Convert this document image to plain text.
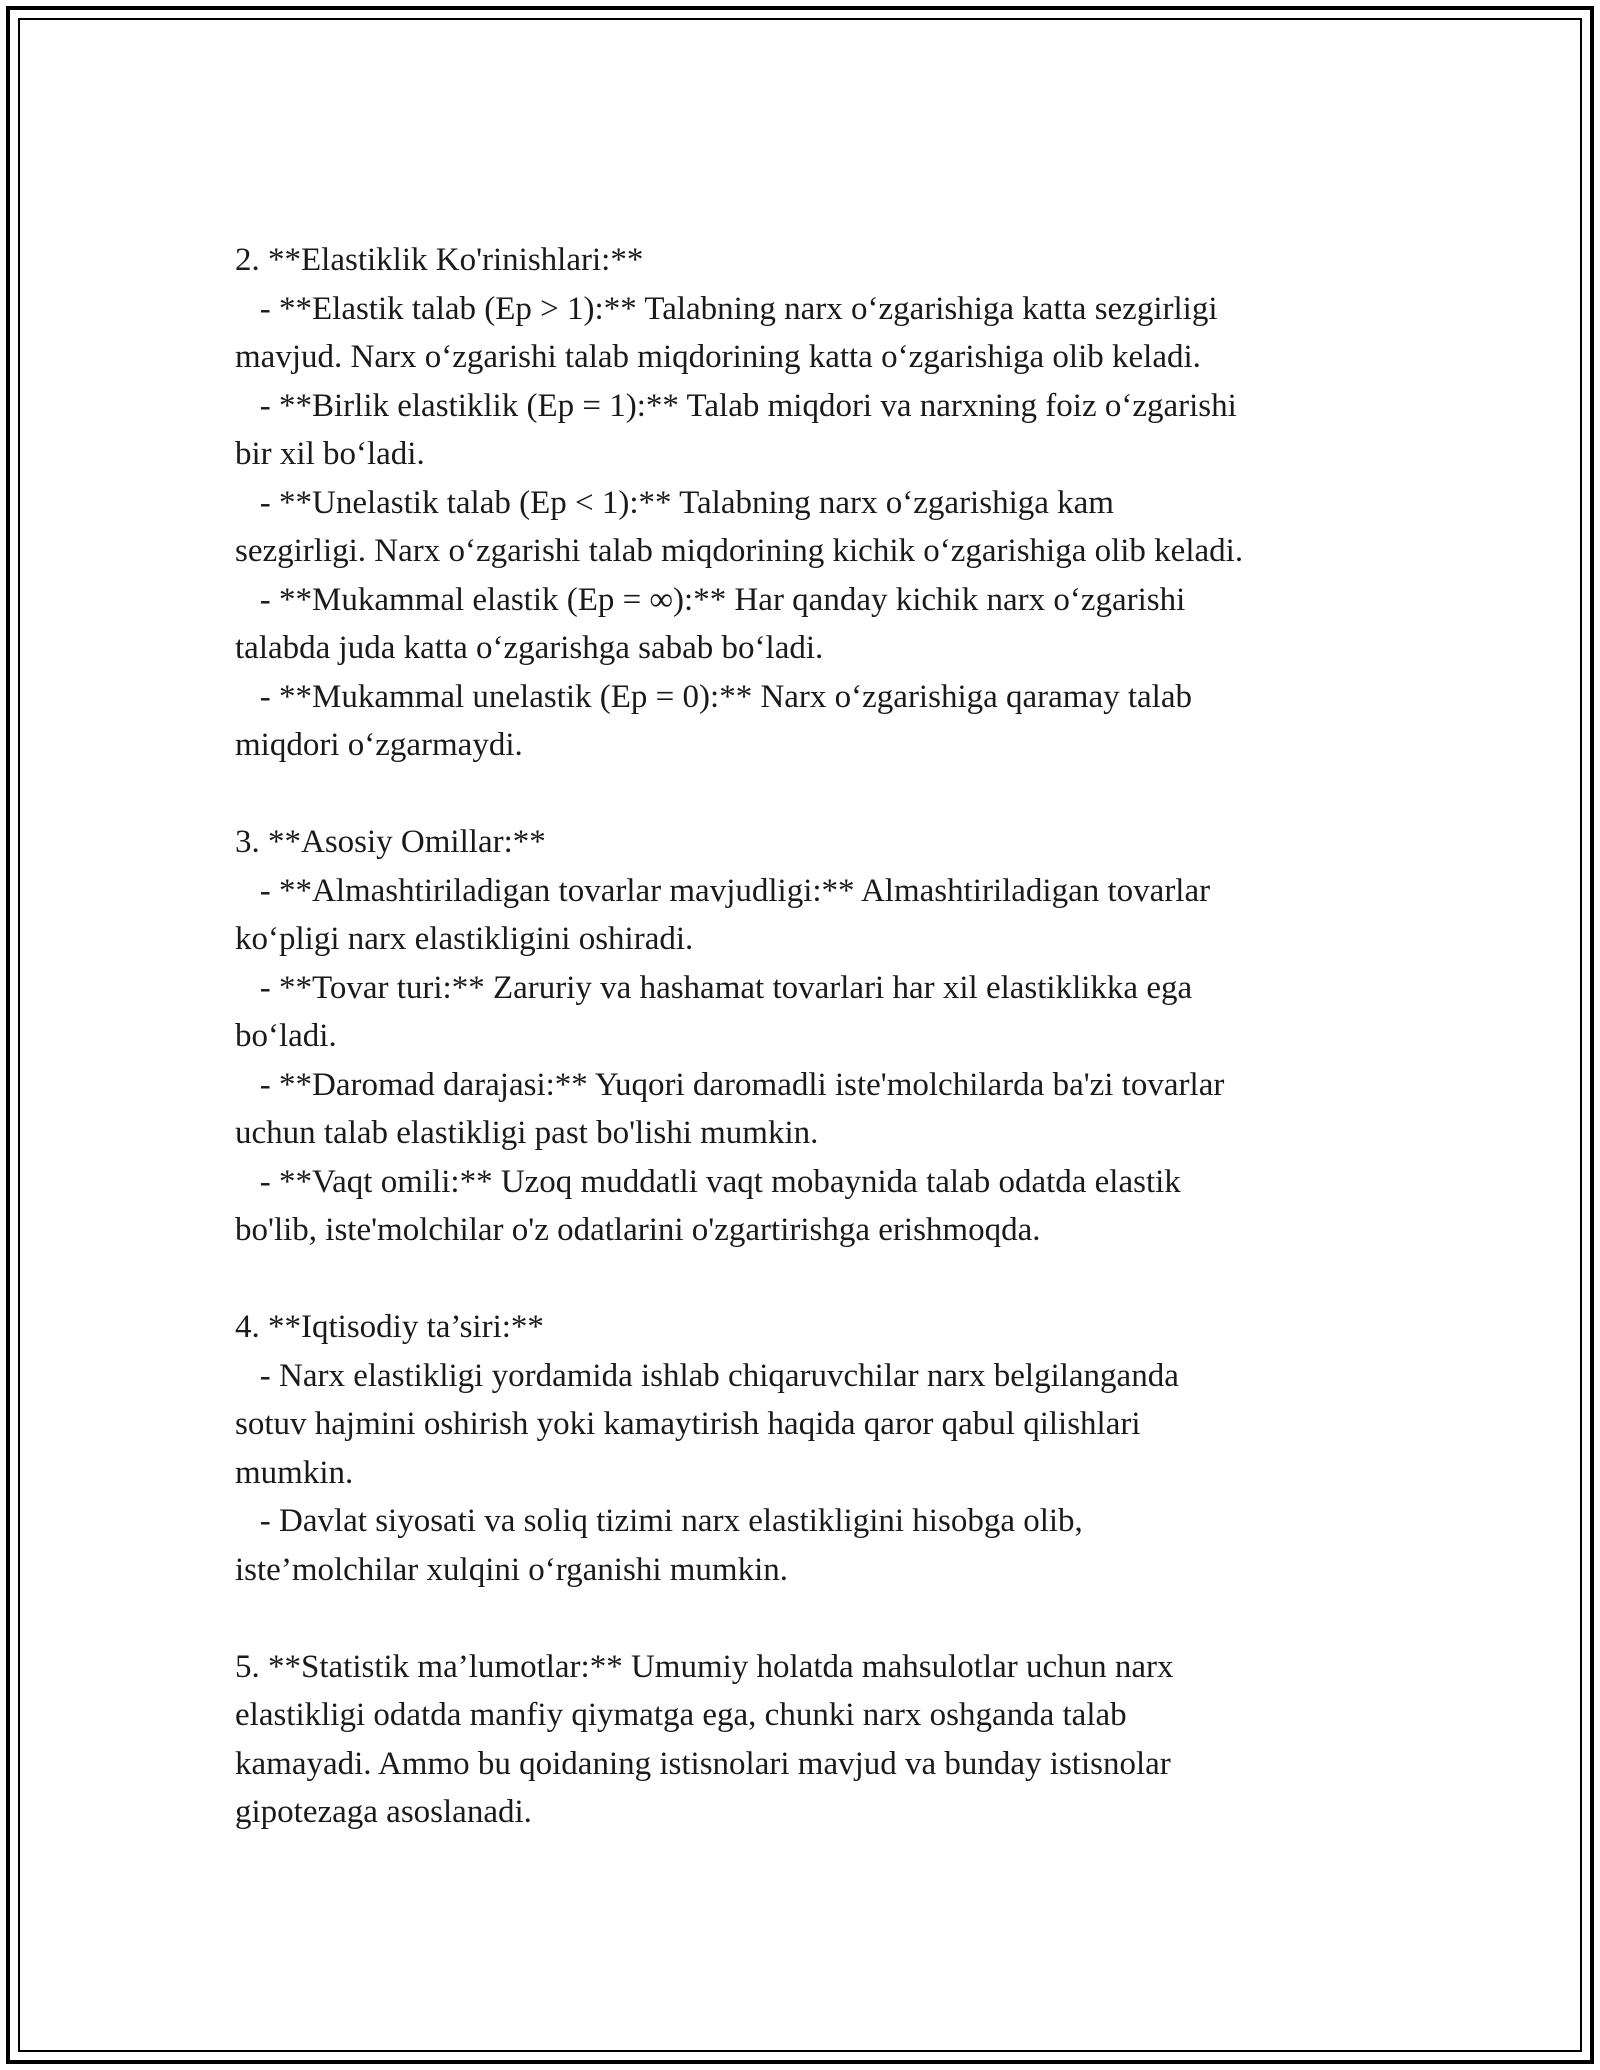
2. **Elastiklik Ko'rinishlari:**
- **Elastik talab (Ep > 1):** Talabning narx o‘zgarishiga katta sezgirligi
mavjud. Narx o‘zgarishi talab miqdorining katta o‘zgarishiga olib keladi.
- **Birlik elastiklik (Ep = 1):** Talab miqdori va narxning foiz o‘zgarishi
bir xil bo‘ladi.
- **Unelastik talab (Ep < 1):** Talabning narx o‘zgarishiga kam
sezgirligi. Narx o‘zgarishi talab miqdorining kichik o‘zgarishiga olib keladi.
- **Mukammal elastik (Ep = ∞):** Har qanday kichik narx o‘zgarishi
talabda juda katta o‘zgarishga sabab bo‘ladi.
- **Mukammal unelastik (Ep = 0):** Narx o‘zgarishiga qaramay talab
miqdori o‘zgarmaydi.
3. **Asosiy Omillar:**
- **Almashtiriladigan tovarlar mavjudligi:** Almashtiriladigan tovarlar
ko‘pligi narx elastikligini oshiradi.
- **Tovar turi:** Zaruriy va hashamat tovarlari har xil elastiklikka ega
bo‘ladi.
- **Daromad darajasi:** Yuqori daromadli iste'molchilarda ba'zi tovarlar
uchun talab elastikligi past bo'lishi mumkin.
- **Vaqt omili:** Uzoq muddatli vaqt mobaynida talab odatda elastik
bo'lib, iste'molchilar o'z odatlarini o'zgartirishga erishmoqda.
4. **Iqtisodiy ta’siri:**
- Narx elastikligi yordamida ishlab chiqaruvchilar narx belgilanganda
sotuv hajmini oshirish yoki kamaytirish haqida qaror qabul qilishlari
mumkin.
- Davlat siyosati va soliq tizimi narx elastikligini hisobga olib,
iste’molchilar xulqini o‘rganishi mumkin.
5. **Statistik ma’lumotlar:** Umumiy holatda mahsulotlar uchun narx
elastikligi odatda manfiy qiymatga ega, chunki narx oshganda talab
kamayadi. Ammo bu qoidaning istisnolari mavjud va bunday istisnolar
gipotezaga asoslanadi.
